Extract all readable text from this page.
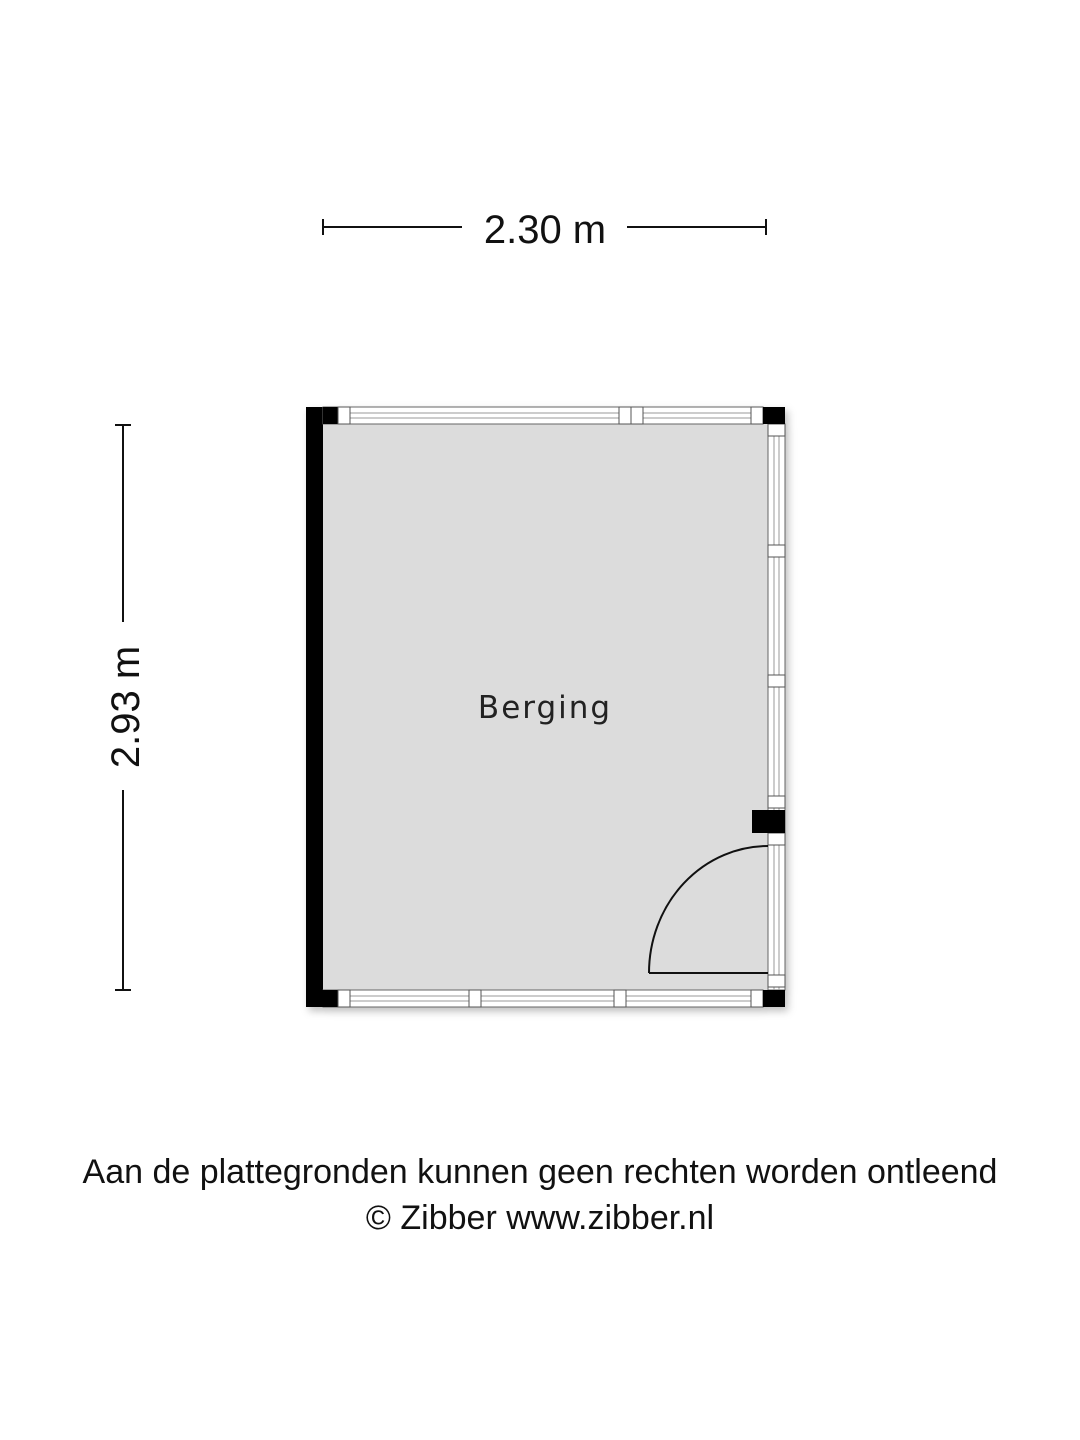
2.30 m
2.93 m	Berging
Aan de plattegronden kunnen geen rechten worden ontleend
© Zibber www.zibber.nl
